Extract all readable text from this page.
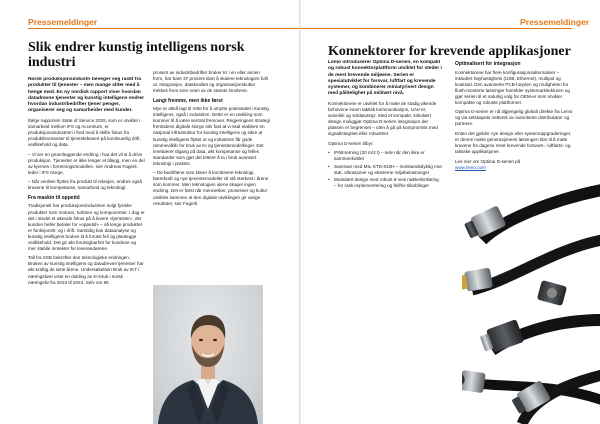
Pressemeldinger
Slik endrer kunstig intelligens norsk industri

Norsk produksjonsindustri beveger seg raskt fra produkter til tjenester – men mange sliter med å henge med. En ny nordisk rapport viser hvordan datadrevne tjenester og kunstig intelligens endrer hvordan industribedrifter tjener penger, organiserer seg og samarbeider med kunder.

Ifølge rapporten State of Service 2025, som er utviklet i samarbeid mellom IFS og Accenture, er produksjonsindustrien i fred med å skifte fokus fra produktleveranser til tjenestebasert på kontinuerlig drift, vedlikehold og data.

– Vi ser en grunnleggende endring i hva det vil si å drive produksjon. Tjenester er ikke lenger et tillegg, men en del av kjernen i forretningsmodellen, sier Andreas Fagerli, leder i IFS Norge.

– Når verdien flyttes fra produkt til relasjon, endres også kravene til kompetanse, samarbeid og teknologi.

Fra maskin til oppetid

Tradisjonelt har produksjonsindustrien solgt fysiske produkter som motorer, turbiner og komponenter. I dag er det i stedet et økende fokus på å levere «tjenester», der kunden heller betaler for «oppetid» – så lenge produktet er funksjonelt, og i drift. Samtidig kan dataanalyse og kunstig intelligens brukes til å forutsi feil og planlegge vedlikehold. Det gir økt forutsigbarhet for kundene og mer stabile inntekter for leverandørene.

Tall fra SSB bekrefter den teknologiske endringen. Bruken av kunstig intelligens og datadrevne tjenester har økt kraftig de siste årene. Undersøkelsen Bruk av IKT i næringslivet viste en dobling av KI-bruk i norsk næringsliv fra 2023 til 2024. Selv om 96

prosent av industribedrifter bruker KI i en eller annen form, har bare 37 prosent klart å skalere teknologien fullt ut. Integrasjon, datakvalitet og organisasjonskultur trekkes frem som noen av de største hindrene.

Langt fremme, men ikke først

Mye er altså lagt til rette for å utnytte potensialet i kunstig intelligens, også i industrien. Dette er en utvikling som kommer til å være sentral fremover. Regjeringens strategi fremtidens digitale Norge sikr fast at vi skal etablere en nasjonal infrastruktur for kunstig intelligens og sikre at kunstig intelligens flyttet ut og industrien får gode rammevilkår for bruk av KI og tjenestemodellinger. Det innebærer tilgang på data, økt kompetanse og felles standarder som gjør det lettere å ta i bruk avansert teknologi i praksis.

– De bedriftene som klarer å kombinere teknologi, bærekraft og nye tjenestemodeller vil stå sterkest i årene som kommer. Men teknologien alene skaper ingen endring. Det er først når mennesker, prosesser og kultur utvikles sammen at den digitale utviklingen gir varige resultater, sier Fagerli.

Pressemeldinger
Konnektorer for krevende applikasjoner

Lemo introduserer Optima D-serien, en kompakt og robust konnektorplattform utviklet for steder i de mest krevende miljøene. Serien er spesialutviklet for forsvar, luftfart og krevende systemer, og kombinerer miniatyrisert design med pålitelighet på militært nivå.

Konnektorene er utviklet for å møte de stadig økende behovene innen taktisk kommunikasjon, UAV-er, avionikk og soldatutstyr. Med et kompakt, sirkulært design muliggjør Optima D-serien integrasjon der plassen er begrenset – uten å gå på kompromiss med signalintegritet eller robusthet.

Optima D-serien tilbyr:

• IP68-tetning (20 m/2 t) – selv når den ikke er sammenkoblet
• Samsvar med MIL-STD-810H – motstandsdyktig mot støt, vibrasjoner og ekstreme miljøbelastninger
• Modulært design med robust 5-veis nøkkelinnføring – for rask implementering og feilfrie tilkoblinger

Optimalisert for integrasjon

Konnektorene har flere konfigurasjonsalternativer – inkludert høyhastighets (USB, Ethernet), multipol og koaksial. Den avanserte PCB-høyden og muligheten for flush-monterte løsninger forenkler systemarkitekturen og gjør serien til et naturlig valg for OEM-er som utvikler kompakte og robuste plattformer.

Optima D-serien er nå tilgjengelig globalt direkte fra Lemo og via selskapets nettverk av autoriserte distributører og partnere.

Enten det gjelder nye design eller systemoppgraderinger, er denne nøste generasjonens løsningen klar til å møte kravene fra dagens mest krevende forsvars-, luftfarts- og taktiske applikasjoner.

Les mer om Optima D-serien på
www.lemo.com
